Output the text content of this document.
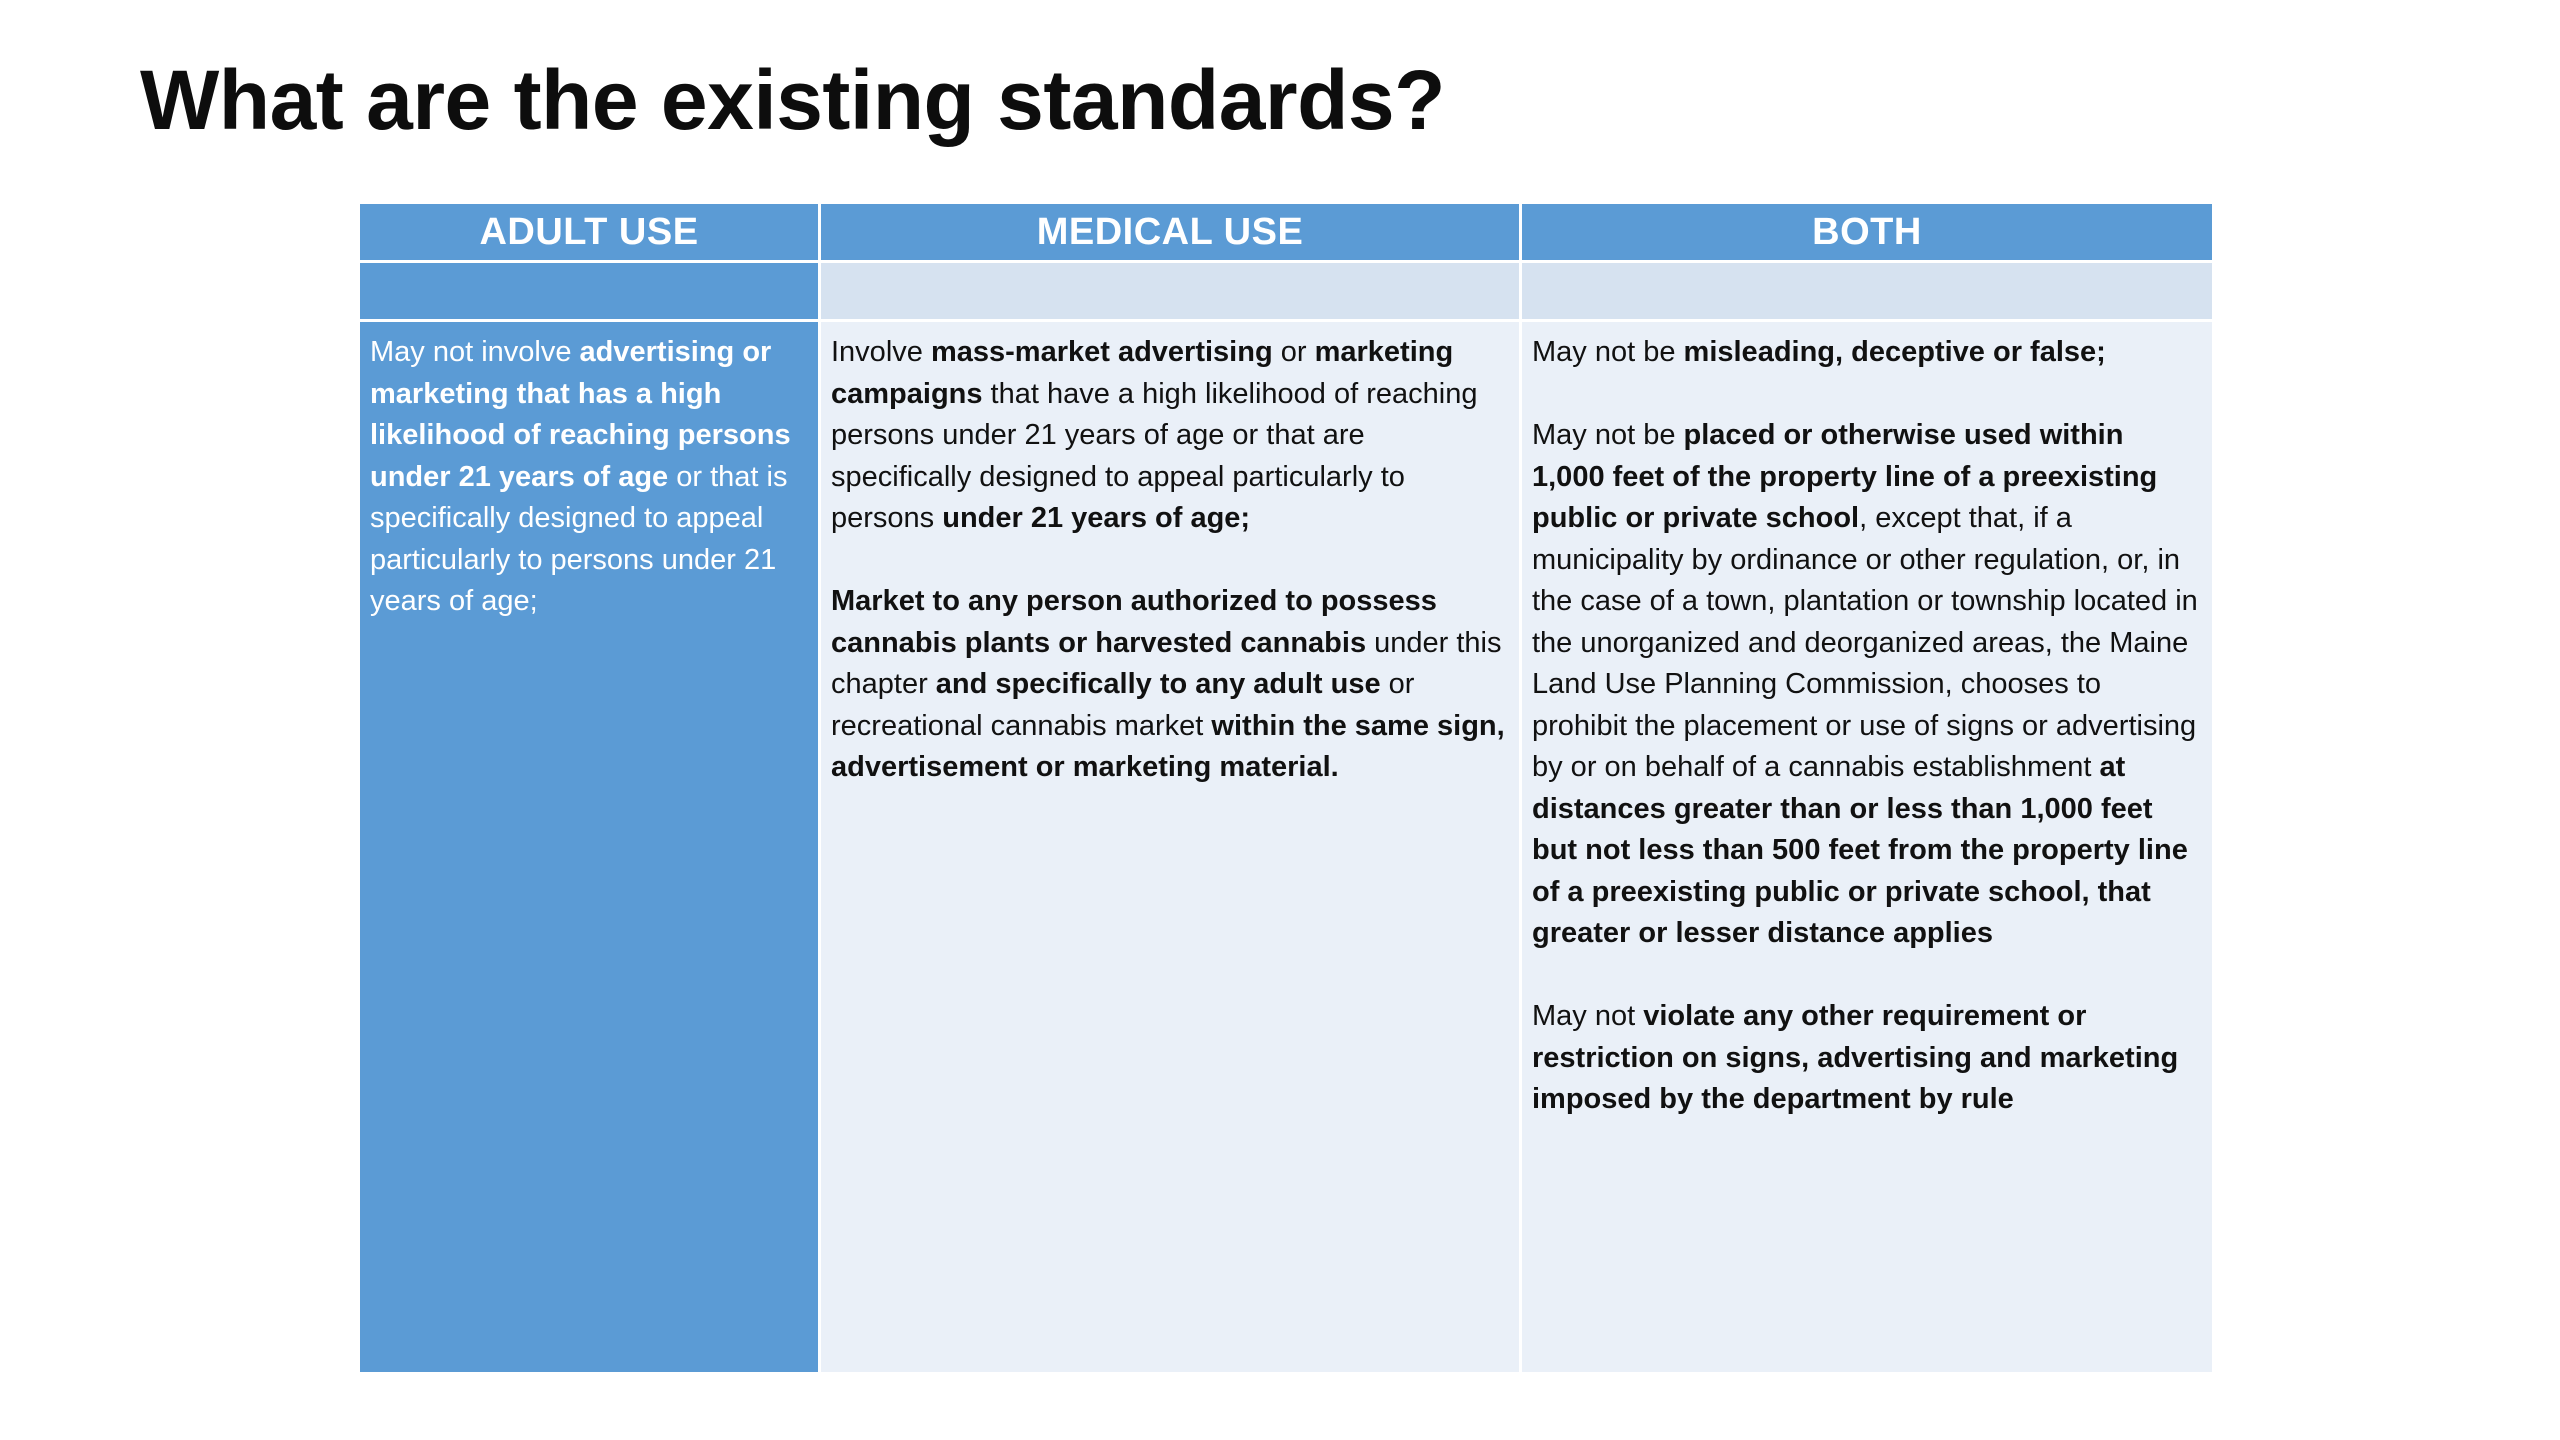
What are the existing standards?
ADULT USE	MEDICAL USE	BOTH

May not involve advertising or marketing that has a high likelihood of reaching persons under 21 years of age or that is specifically designed to appeal particularly to persons under 21 years of age;

Involve mass-market advertising or marketing campaigns that have a high likelihood of reaching persons under 21 years of age or that are specifically designed to appeal particularly to persons under 21 years of age;

Market to any person authorized to possess cannabis plants or harvested cannabis under this chapter and specifically to any adult use or recreational cannabis market within the same sign, advertisement or marketing material.

May not be misleading, deceptive or false;

May not be placed or otherwise used within 1,000 feet of the property line of a preexisting public or private school, except that, if a municipality by ordinance or other regulation, or, in the case of a town, plantation or township located in the unorganized and deorganized areas, the Maine Land Use Planning Commission, chooses to prohibit the placement or use of signs or advertising by or on behalf of a cannabis establishment at distances greater than or less than 1,000 feet but not less than 500 feet from the property line of a preexisting public or private school, that greater or lesser distance applies

May not violate any other requirement or restriction on signs, advertising and marketing imposed by the department by rule
